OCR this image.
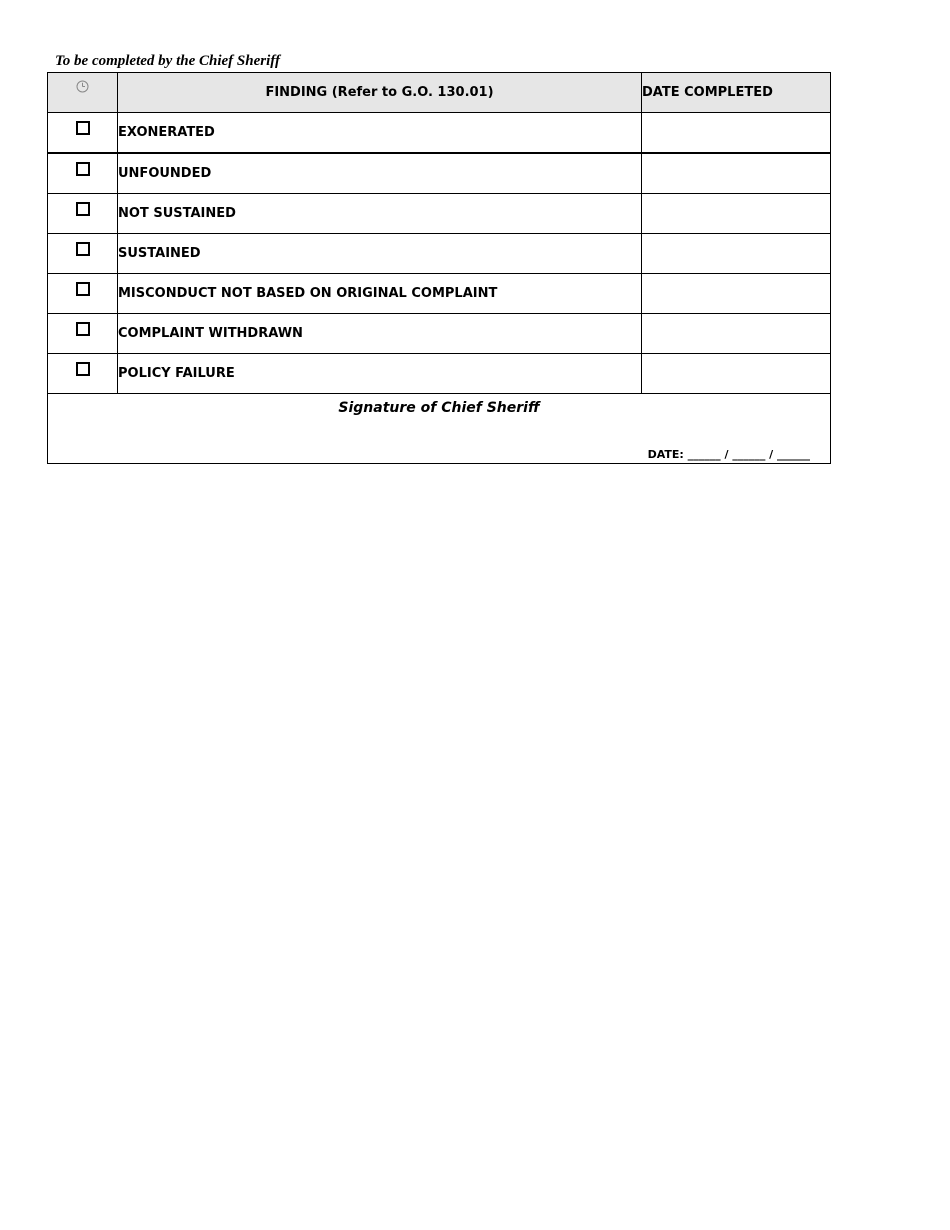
To be completed by the Chief Sheriff
	FINDING (Refer to G.O. 130.01)	DATE COMPLETED
	EXONERATED	
	UNFOUNDED	
	NOT SUSTAINED	
	SUSTAINED	
	MISCONDUCT NOT BASED ON ORIGINAL COMPLAINT	
	COMPLAINT WITHDRAWN	
	POLICY FAILURE	

Signature of Chief Sheriff
DATE: ______ / ______ / ______		
